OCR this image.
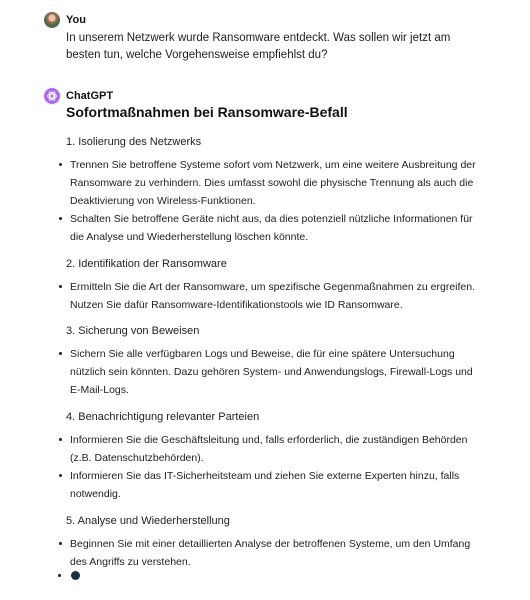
You
In unserem Netzwerk wurde Ransomware entdeckt. Was sollen wir jetzt am besten tun, welche Vorgehensweise empfiehlst du?
ChatGPT
Sofortmaßnahmen bei Ransomware-Befall
1. Isolierung des Netzwerks
Trennen Sie betroffene Systeme sofort vom Netzwerk, um eine weitere Ausbreitung der Ransomware zu verhindern. Dies umfasst sowohl die physische Trennung als auch die Deaktivierung von Wireless-Funktionen.
Schalten Sie betroffene Geräte nicht aus, da dies potenziell nützliche Informationen für die Analyse und Wiederherstellung löschen könnte.
2. Identifikation der Ransomware
Ermitteln Sie die Art der Ransomware, um spezifische Gegenmaßnahmen zu ergreifen. Nutzen Sie dafür Ransomware-Identifikationstools wie ID Ransomware.
3. Sicherung von Beweisen
Sichern Sie alle verfügbaren Logs und Beweise, die für eine spätere Untersuchung nützlich sein könnten. Dazu gehören System- und Anwendungslogs, Firewall-Logs und E-Mail-Logs.
4. Benachrichtigung relevanter Parteien
Informieren Sie die Geschäftsleitung und, falls erforderlich, die zuständigen Behörden (z.B. Datenschutzbehörden).
Informieren Sie das IT-Sicherheitsteam und ziehen Sie externe Experten hinzu, falls notwendig.
5. Analyse und Wiederherstellung
Beginnen Sie mit einer detaillierten Analyse der betroffenen Systeme, um den Umfang des Angriffs zu verstehen.
